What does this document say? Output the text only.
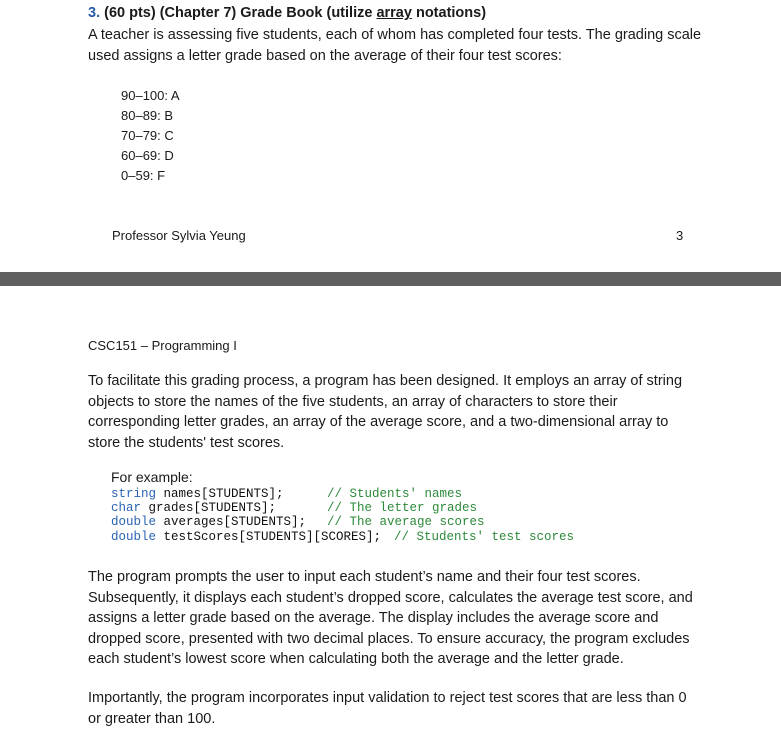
3. (60 pts) (Chapter 7) Grade Book (utilize array notations)
A teacher is assessing five students, each of whom has completed four tests. The grading scale
used assigns a letter grade based on the average of their four test scores:
90–100: A
80–89: B
70–79: C
60–69: D
0–59: F
Professor Sylvia Yeung	3
CSC151 – Programming I
To facilitate this grading process, a program has been designed. It employs an array of string
objects to store the names of the five students, an array of characters to store their
corresponding letter grades, an array of the average score, and a two-dimensional array to
store the students' test scores.
For example:
string names[STUDENTS];	// Students' names
char grades[STUDENTS];	// The letter grades
double averages[STUDENTS]; // The average scores
double testScores[STUDENTS][SCORES]; // Students' test scores
The program prompts the user to input each student’s name and their four test scores.
Subsequently, it displays each student’s dropped score, calculates the average test score, and
assigns a letter grade based on the average. The display includes the average score and
dropped score, presented with two decimal places. To ensure accuracy, the program excludes
each student’s lowest score when calculating both the average and the letter grade.
Importantly, the program incorporates input validation to reject test scores that are less than 0
or greater than 100.
